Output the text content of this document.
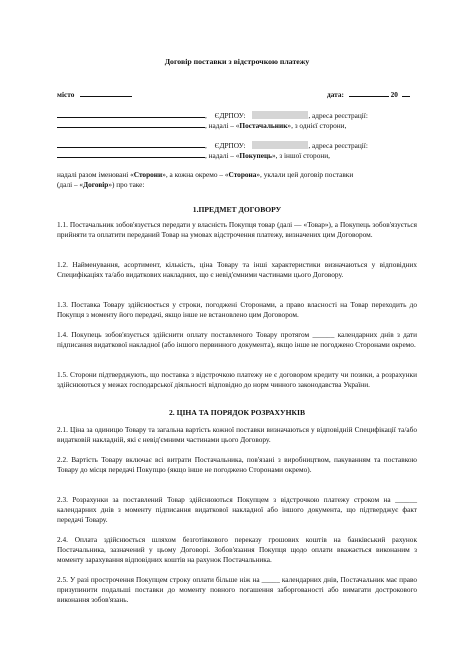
Договір поставки з відстрочкою платежу
місто	дата:	20
, ЄДРПОУ:	, адреса реєстрації:
, надалі – «Постачальник», з однієї сторони,
, ЄДРПОУ:	, адреса реєстрації:
, надалі – «Покупець», з іншої сторони,
надалі разом іменовані «Сторони», а кожна окремо – «Сторона», уклали цей договір поставки
(далі – «Договір») про таке:
1.ПРЕДМЕТ ДОГОВОРУ
1.1. Постачальник зобов'язується передати у власність Покупця товар (далі — «Товар»), а Покупець зобов'язується прийняти та оплатити переданий Товар на умовах відстрочення платежу, визначених цим Договором.
1.2. Найменування, асортимент, кількість, ціна Товару та інші характеристики визначаються у відповідних Специфікаціях та/або видаткових накладних, що є невід'ємними частинами цього Договору.
1.3. Поставка Товару здійснюється у строки, погоджені Сторонами, а право власності на Товар переходить до Покупця з моменту його передачі, якщо інше не встановлено цим Договором.
1.4. Покупець зобов'язується здійснити оплату поставленого Товару протягом ______ календарних днів з дати підписання видаткової накладної (або іншого первинного документа), якщо інше не погоджено Сторонами окремо.
1.5. Сторони підтверджують, що поставка з відстрочкою платежу не є договором кредиту чи позики, а розрахунки здійснюються у межах господарської діяльності відповідно до норм чинного законодавства України.
2. ЦІНА ТА ПОРЯДОК РОЗРАХУНКІВ
2.1. Ціна за одиницю Товару та загальна вартість кожної поставки визначаються у відповідній Специфікації та/або видатковій накладній, які є невід'ємними частинами цього Договору.
2.2. Вартість Товару включає всі витрати Постачальника, пов'язані з виробництвом, пакуванням та поставкою Товару до місця передачі Покупцю (якщо інше не погоджено Сторонами окремо).
2.3. Розрахунки за поставлений Товар здійснюються Покупцем з відстрочкою платежу строком на ______ календарних днів з моменту підписання видаткової накладної або іншого документа, що підтверджує факт передачі Товару.
2.4. Оплата здійснюється шляхом безготівкового переказу грошових коштів на банківський рахунок Постачальника, зазначений у цьому Договорі. Зобов'язання Покупця щодо оплати вважається виконаним з моменту зарахування відповідних коштів на рахунок Постачальника.
2.5. У разі прострочення Покупцем строку оплати більше ніж на _____ календарних днів, Постачальник має право призупинити подальші поставки до моменту повного погашення заборгованості або вимагати дострокового виконання зобов'язань.
